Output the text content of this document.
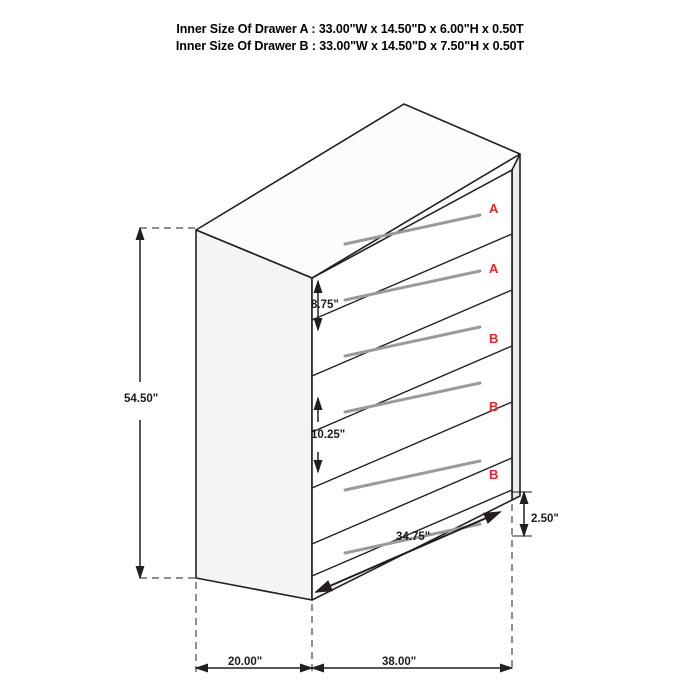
Inner Size Of Drawer A : 33.00"W x 14.50"D x 6.00"H x 0.50T
Inner Size Of Drawer B : 33.00"W x 14.50"D x 7.50"H x 0.50T
54.50"
8.75"
10.25"
2.50"
20.00"	38.00"
34.75"
A
A
B
B
B
